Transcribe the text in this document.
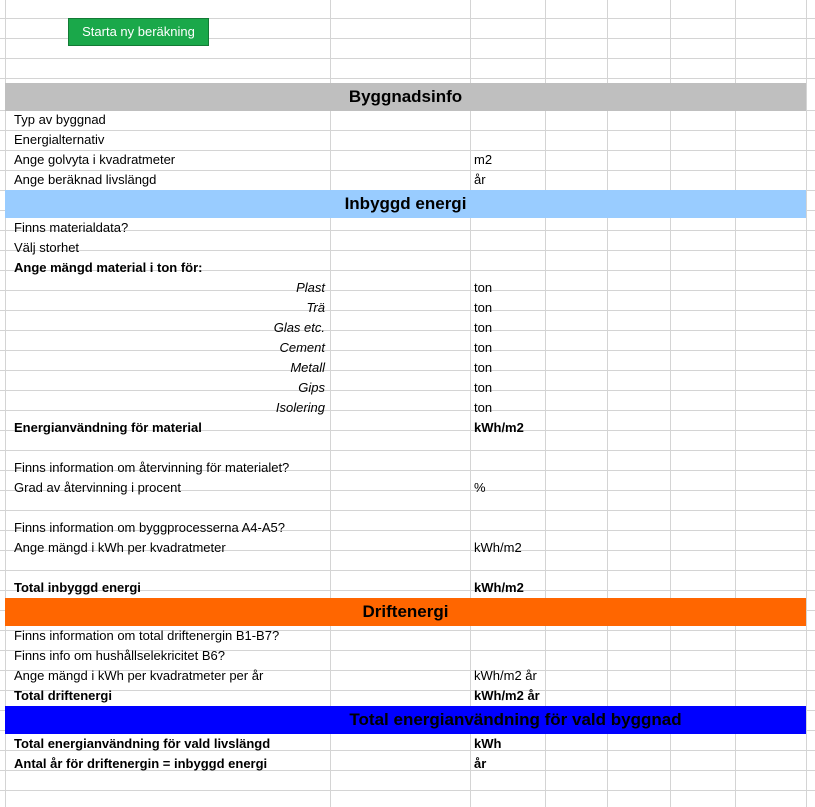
Starta ny beräkning
Byggnadsinfo
Typ av byggnad
Energialternativ
Ange golvyta i kvadratmeter	m2
Ange beräknad livslängd	år
Inbyggd energi
Finns materialdata?
Välj storhet
Ange mängd material i ton för:
Plast	ton
Trä	ton
Glas etc.	ton
Cement	ton
Metall	ton
Gips	ton
Isolering	ton
Energianvändning för material	kWh/m2
Finns information om återvinning för materialet?
Grad av återvinning i procent	%
Finns information om byggprocesserna A4-A5?
Ange mängd i kWh per kvadratmeter	kWh/m2
Total inbyggd energi	kWh/m2
Driftenergi
Finns information om total driftenergin B1-B7?
Finns info om hushållselekricitet B6?
Ange mängd i kWh per kvadratmeter per år	kWh/m2 år
Total driftenergi	kWh/m2 år
Total energianvändning för vald byggnad
Total energianvändning för vald livslängd	kWh
Antal år för driftenergin = inbyggd energi	år
